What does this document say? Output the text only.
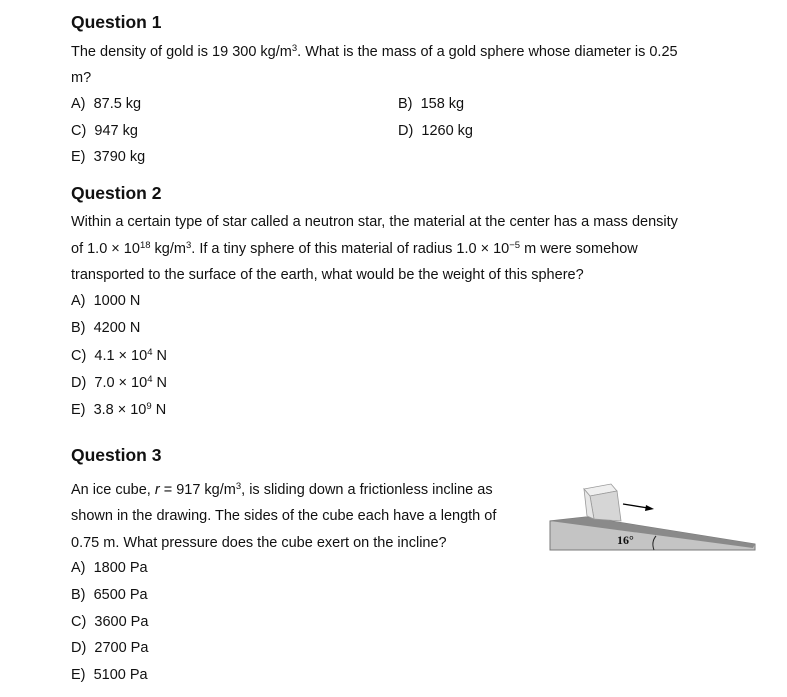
Question 1
The density of gold is 19 300 $kg/m^3$. What is the mass of a gold sphere whose diameter is 0.25
m?
A) 87.5 kg	B) 158 kg
C) 947 kg	D) 1260 kg
E) 3790 kg
Question 2
Within a certain type of star called a neutron star, the material at the center has a mass density
of $1.0 \times 10^{18}$ $kg/m^3$. If a tiny sphere of this material of radius $1.0 \times 10^{-5}$ m were somehow
transported to the surface of the earth, what would be the weight of this sphere?
A) 1000 N
B) 4200 N
C) $4.1 \times 10^4$ N
D) $7.0 \times 10^4$ N
E) $3.8 \times 10^9$ N
Question 3
An ice cube, r = 917 $kg/m^3$, is sliding down a frictionless incline as
shown in the drawing. The sides of the cube each have a length of
0.75 m. What pressure does the cube exert on the incline?	16°
A) 1800 Pa
B) 6500 Pa
C) 3600 Pa
D) 2700 Pa
E) 5100 Pa
